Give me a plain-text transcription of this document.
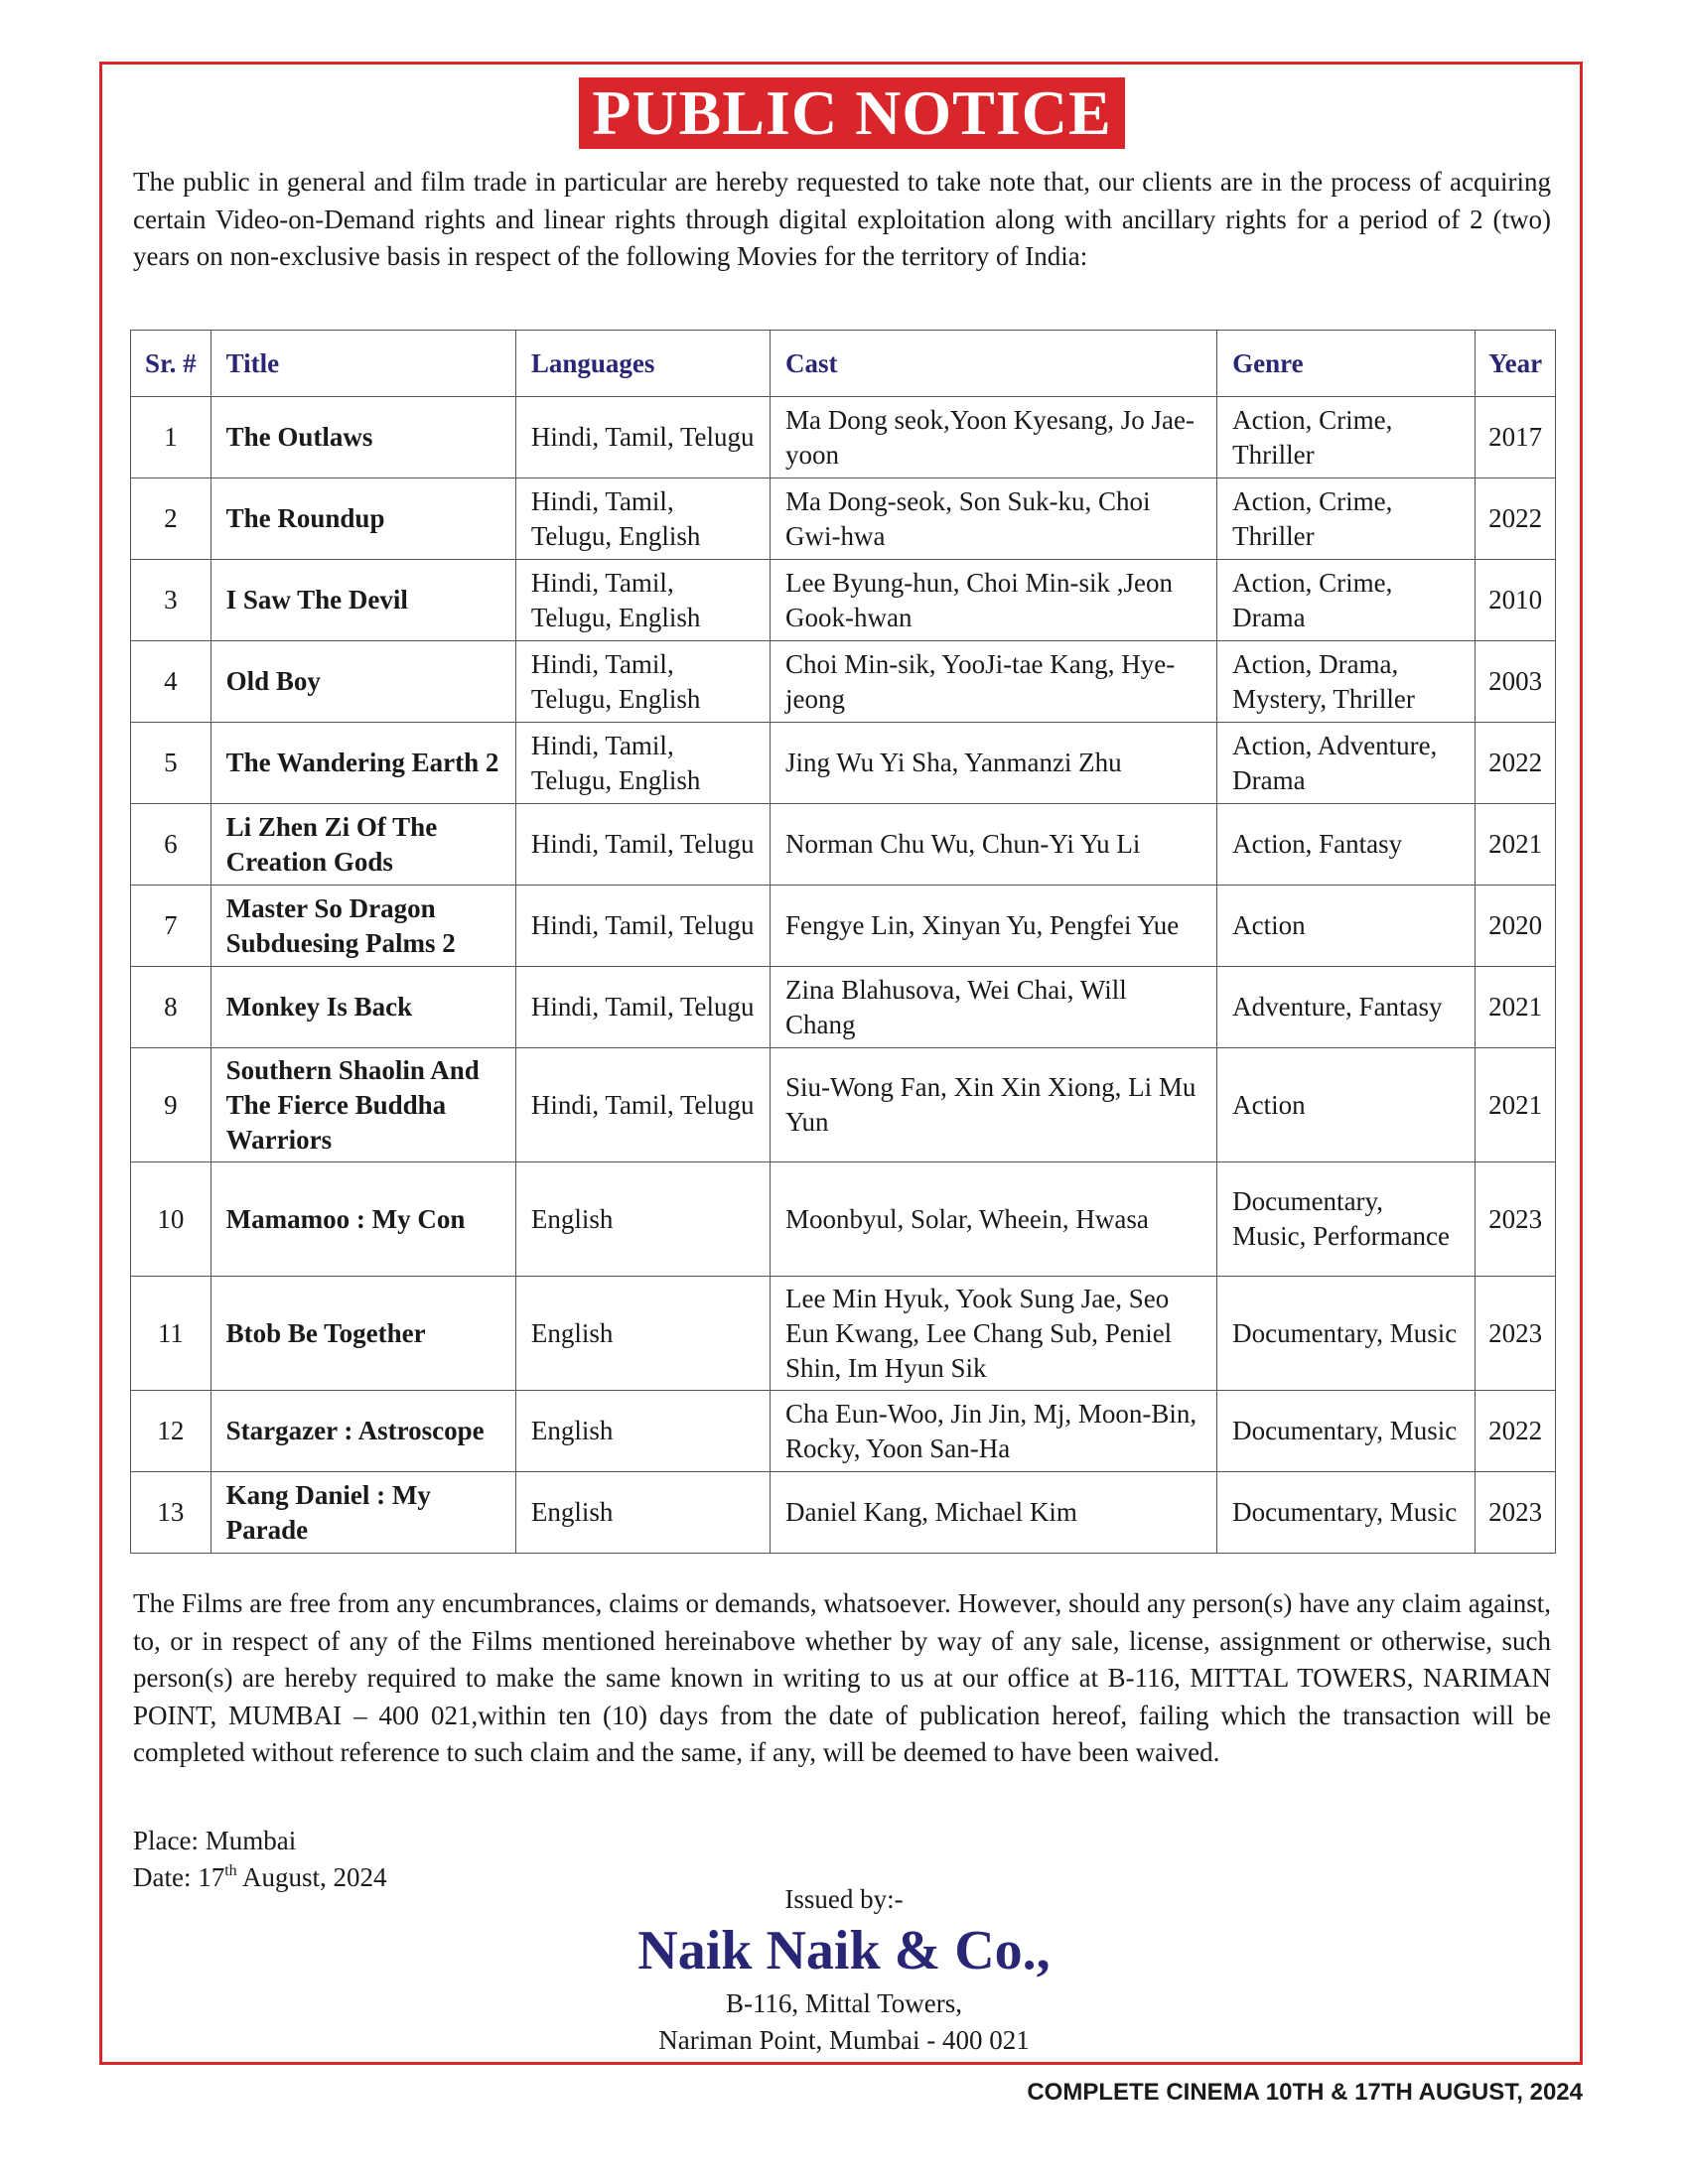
PUBLIC NOTICE

The public in general and film trade in particular are hereby requested to take note that, our clients are in the process of acquiring certain Video-on-Demand rights and linear rights through digital exploitation along with ancillary rights for a period of 2 (two) years on non-exclusive basis in respect of the following Movies for the territory of India:

Sr. #	Title	Languages	Cast	Genre	Year
1	The Outlaws	Hindi, Tamil, Telugu	Ma Dong seok,Yoon Kyesang, Jo Jae-yoon	Action, Crime, Thriller	2017
2	The Roundup	Hindi, Tamil, Telugu, English	Ma Dong-seok, Son Suk-ku, Choi Gwi-hwa	Action, Crime, Thriller	2022
3	I Saw The Devil	Hindi, Tamil, Telugu, English	Lee Byung-hun, Choi Min-sik ,Jeon Gook-hwan	Action, Crime, Drama	2010
4	Old Boy	Hindi, Tamil, Telugu, English	Choi Min-sik, YooJi-tae Kang, Hye-jeong	Action, Drama, Mystery, Thriller	2003
5	The Wandering Earth 2	Hindi, Tamil, Telugu, English	Jing Wu Yi Sha, Yanmanzi Zhu	Action, Adventure, Drama	2022
6	Li Zhen Zi Of The Creation Gods	Hindi, Tamil, Telugu	Norman Chu Wu, Chun-Yi Yu Li	Action, Fantasy	2021
7	Master So Dragon Subduesing Palms 2	Hindi, Tamil, Telugu	Fengye Lin, Xinyan Yu, Pengfei Yue	Action	2020
8	Monkey Is Back	Hindi, Tamil, Telugu	Zina Blahusova, Wei Chai, Will Chang	Adventure, Fantasy	2021
9	Southern Shaolin And The Fierce Buddha Warriors	Hindi, Tamil, Telugu	Siu-Wong Fan, Xin Xin Xiong, Li Mu Yun	Action	2021
10	Mamamoo : My Con	English	Moonbyul, Solar, Wheein, Hwasa	Documentary, Music, Performance	2023
11	Btob Be Together	English	Lee Min Hyuk, Yook Sung Jae, Seo Eun Kwang, Lee Chang Sub, Peniel Shin, Im Hyun Sik	Documentary, Music	2023
12	Stargazer : Astroscope	English	Cha Eun-Woo, Jin Jin, Mj, Moon-Bin, Rocky, Yoon San-Ha	Documentary, Music	2022
13	Kang Daniel : My Parade	English	Daniel Kang, Michael Kim	Documentary, Music	2023

The Films are free from any encumbrances, claims or demands, whatsoever. However, should any person(s) have any claim against, to, or in respect of any of the Films mentioned hereinabove whether by way of any sale, license, assignment or otherwise, such person(s) are hereby required to make the same known in writing to us at our office at B-116, MITTAL TOWERS, NARIMAN POINT, MUMBAI – 400 021,within ten (10) days from the date of publication hereof, failing which the transaction will be completed without reference to such claim and the same, if any, will be deemed to have been waived.

Place: Mumbai
Date: 17th August, 2024
Issued by:-
Naik Naik & Co.,
B-116, Mittal Towers,
Nariman Point, Mumbai - 400 021
COMPLETE CINEMA 10TH & 17TH AUGUST, 2024
